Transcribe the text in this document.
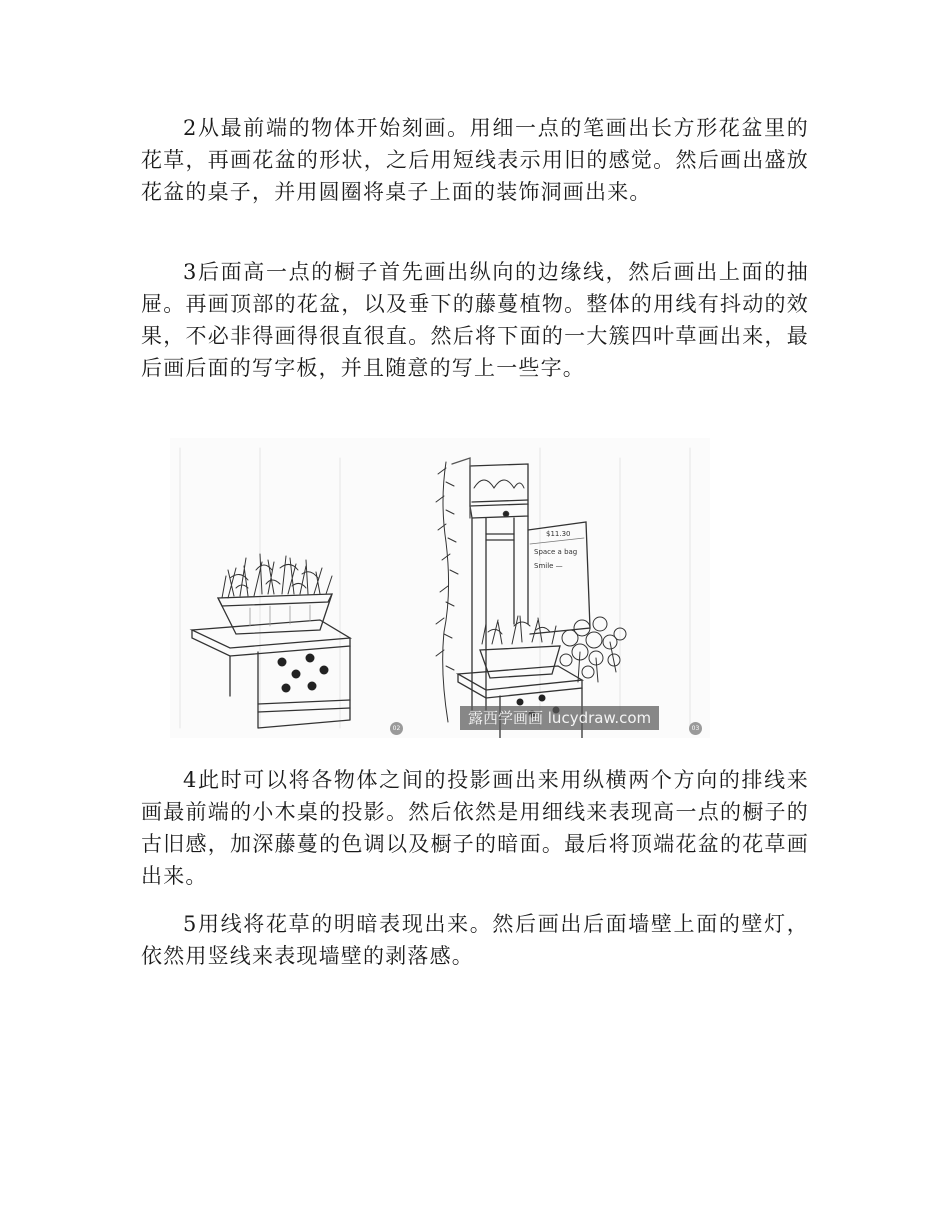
2从最前端的物体开始刻画。用细一点的笔画出长方形花盆里的花草，再画花盆的形状，之后用短线表示用旧的感觉。然后画出盛放花盆的桌子，并用圆圈将桌子上面的装饰洞画出来。

3后面高一点的橱子首先画出纵向的边缘线，然后画出上面的抽屉。再画顶部的花盆，以及垂下的藤蔓植物。整体的用线有抖动的效果，不必非得画得很直很直。然后将下面的一大簇四叶草画出来，最后画后面的写字板，并且随意的写上一些字。

$11.30
Space a bag
Smile —
露西学画画 lucydraw.com
02	03

4此时可以将各物体之间的投影画出来用纵横两个方向的排线来画最前端的小木桌的投影。然后依然是用细线来表现高一点的橱子的古旧感，加深藤蔓的色调以及橱子的暗面。最后将顶端花盆的花草画出来。

5用线将花草的明暗表现出来。然后画出后面墙壁上面的壁灯，依然用竖线来表现墙壁的剥落感。
